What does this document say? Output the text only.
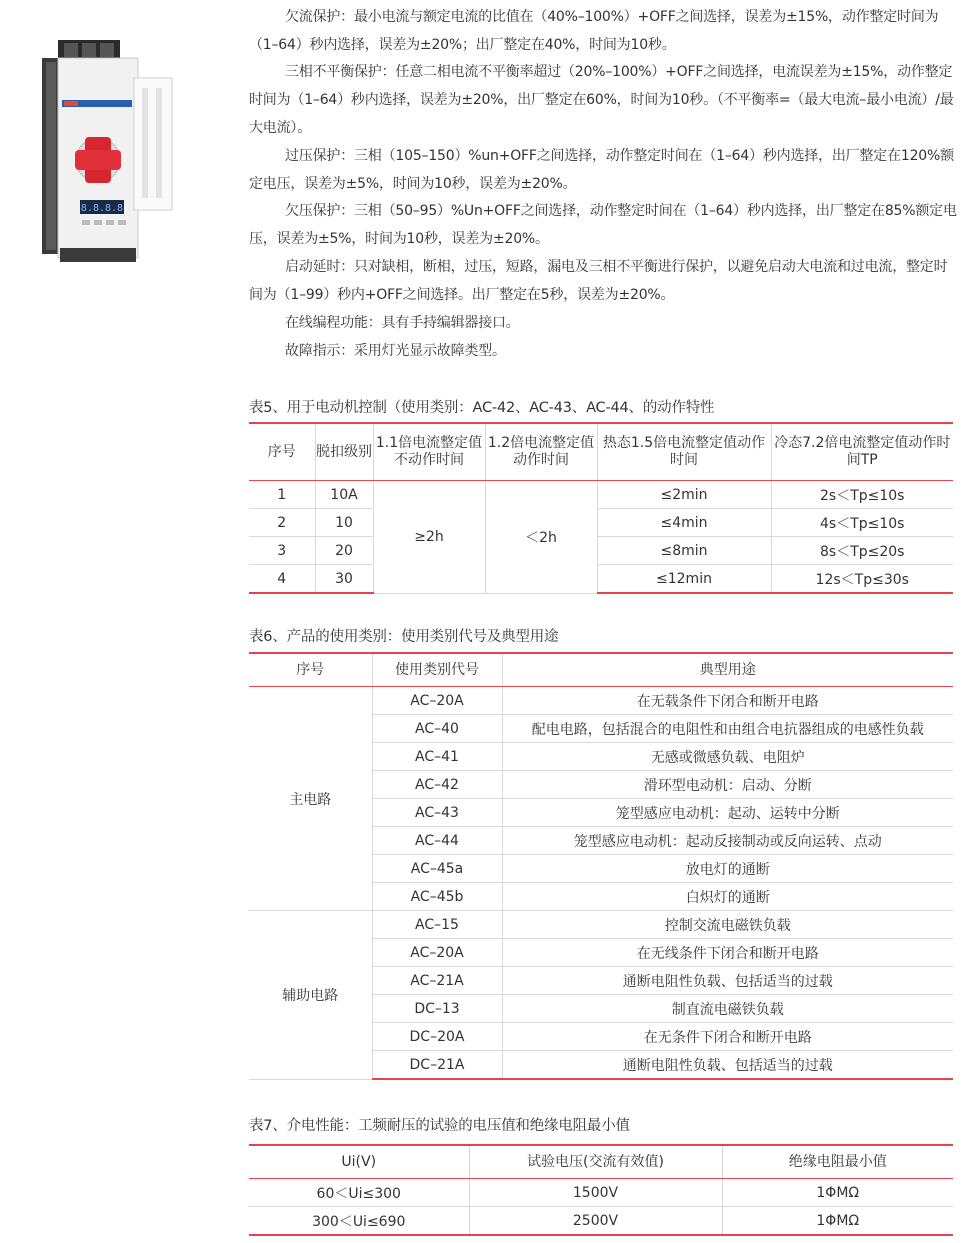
8.8.8.8

欠流保护：最小电流与额定电流的比值在（40%–100%）+OFF之间选择，误差为±15%，动作整定时间为（1–64）秒内选择，误差为±20%；出厂整定在40%，时间为10秒。

三相不平衡保护：任意二相电流不平衡率超过（20%–100%）+OFF之间选择，电流误差为±15%，动作整定时间为（1–64）秒内选择，误差为±20%，出厂整定在60%，时间为10秒。（不平衡率=（最大电流–最小电流）/最大电流）。

过压保护：三相（105–150）%un+OFF之间选择，动作整定时间在（1–64）秒内选择，出厂整定在120%额定电压，误差为±5%，时间为10秒，误差为±20%。

欠压保护：三相（50–95）%Un+OFF之间选择，动作整定时间在（1–64）秒内选择，出厂整定在85%额定电压，误差为±5%，时间为10秒，误差为±20%。

启动延时：只对缺相，断相，过压，短路，漏电及三相不平衡进行保护，以避免启动大电流和过电流，整定时间为（1–99）秒内+OFF之间选择。出厂整定在5秒，误差为±20%。

在线编程功能：具有手持编辑器接口。

故障指示：采用灯光显示故障类型。

表5、用于电动机控制（使用类别：AC-42、AC-43、AC-44、的动作特性

序号	脱扣级别	1.1倍电流整定值不动作时间	1.2倍电流整定值动作时间	热态1.5倍电流整定值动作时间	冷态7.2倍电流整定值动作时间TP
1	10A	≥2h	＜2h	≤2min	2s＜Tp≤10s
2	10			≤4min	4s＜Tp≤10s
3	20			≤8min	8s＜Tp≤20s
4	30			≤12min	12s＜Tp≤30s

表6、产品的使用类别：使用类别代号及典型用途

序号	使用类别代号	典型用途
主电路	AC–20A	在无载条件下闭合和断开电路
	AC–40	配电电路，包括混合的电阻性和由组合电抗器组成的电感性负载
	AC–41	无感或微感负载、电阻炉
	AC–42	滑环型电动机：启动、分断
	AC–43	笼型感应电动机：起动、运转中分断
	AC–44	笼型感应电动机：起动反接制动或反向运转、点动
	AC–45a	放电灯的通断
	AC–45b	白炽灯的通断
辅助电路	AC–15	控制交流电磁铁负载
	AC–20A	在无线条件下闭合和断开电路
	AC–21A	通断电阻性负载、包括适当的过载
	DC–13	制直流电磁铁负载
	DC–20A	在无条件下闭合和断开电路
	DC–21A	通断电阻性负载、包括适当的过载

表7、介电性能：工频耐压的试验的电压值和绝缘电阻最小值

Ui(V)	试验电压(交流有效值)	绝缘电阻最小值
60＜Ui≤300	1500V	1ΦMΩ
300＜Ui≤690	2500V	1ΦMΩ
